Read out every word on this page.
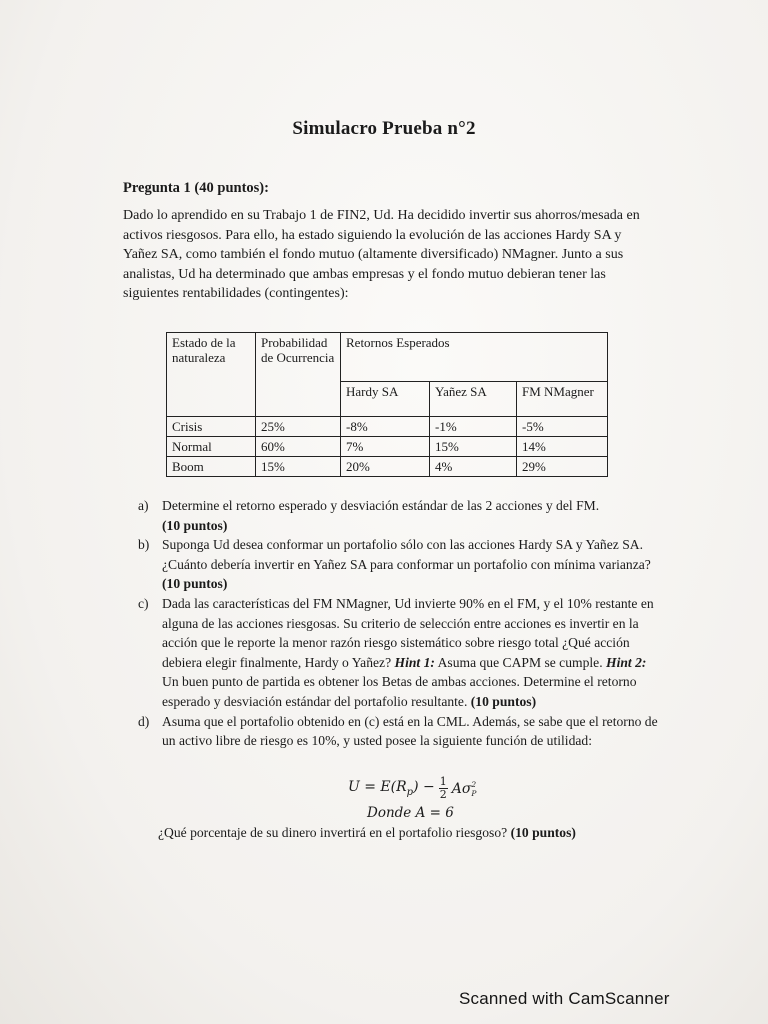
Simulacro Prueba n°2
Pregunta 1 (40 puntos):
Dado lo aprendido en su Trabajo 1 de FIN2, Ud. Ha decidido invertir sus ahorros/mesada en activos riesgosos. Para ello, ha estado siguiendo la evolución de las acciones Hardy SA y Yañez SA, como también el fondo mutuo (altamente diversificado) NMagner. Junto a sus analistas, Ud ha determinado que ambas empresas y el fondo mutuo debieran tener las siguientes rentabilidades (contingentes):
Estado de la naturaleza	Probabilidad de Ocurrencia	Retornos Esperados		
		Hardy SA	Yañez SA	FM NMagner
Crisis	25%	-8%	-1%	-5%
Normal	60%	7%	15%	14%
Boom	15%	20%	4%	29%
a) Determine el retorno esperado y desviación estándar de las 2 acciones y del FM.
(10 puntos)
b) Suponga Ud desea conformar un portafolio sólo con las acciones Hardy SA y Yañez SA. ¿Cuánto debería invertir en Yañez SA para conformar un portafolio con mínima varianza? (10 puntos)
c) Dada las características del FM NMagner, Ud invierte 90% en el FM, y el 10% restante en alguna de las acciones riesgosas. Su criterio de selección entre acciones es invertir en la acción que le reporte la menor razón riesgo sistemático sobre riesgo total ¿Qué acción debiera elegir finalmente, Hardy o Yañez? Hint 1: Asuma que CAPM se cumple. Hint 2: Un buen punto de partida es obtener los Betas de ambas acciones. Determine el retorno esperado y desviación estándar del portafolio resultante. (10 puntos)
d) Asuma que el portafolio obtenido en (c) está en la CML. Además, se sabe que el retorno de un activo libre de riesgo es 10%, y usted posee la siguiente función de utilidad:
$U = E(R_p) - \frac{1}{2}$ Aσ 2
P
Donde A = 6
¿Qué porcentaje de su dinero invertirá en el portafolio riesgoso? (10 puntos)
Scanned with CamScanner
